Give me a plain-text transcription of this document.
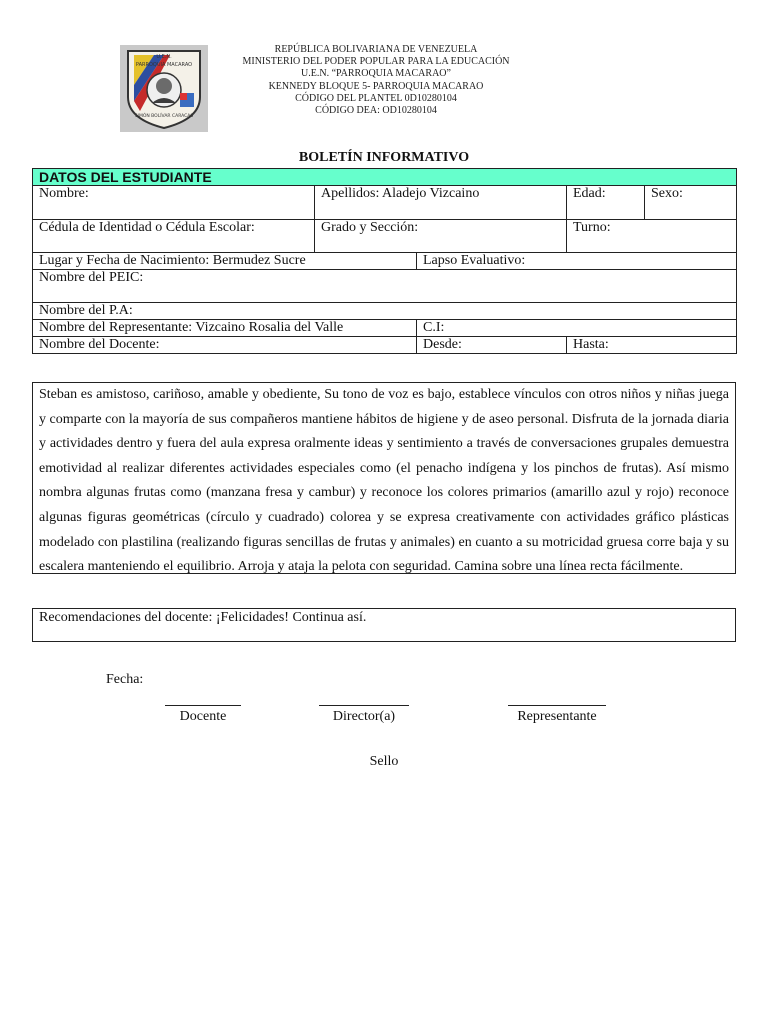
U.E.N.
PARROQUIA MACARAO
SIMÓN BOLÍVAR CARACAS
REPÚBLICA BOLIVARIANA DE VENEZUELA
MINISTERIO DEL PODER POPULAR PARA LA EDUCACIÓN
U.E.N. “PARROQUIA MACARAO”
KENNEDY BLOQUE 5- PARROQUIA MACARAO
CÓDIGO DEL PLANTEL 0D10280104
CÓDIGO DEA: OD10280104
BOLETÍN INFORMATIVO
DATOS DEL ESTUDIANTE				
Nombre:	Apellidos: Aladejo Vizcaino		Edad:	Sexo:
Cédula de Identidad o Cédula Escolar:	Grado y Sección:		Turno:	
Lugar y Fecha de Nacimiento: Bermudez Sucre		Lapso Evaluativo:		
Nombre del PEIC:				
Nombre del P.A:				
Nombre del Representante: Vizcaino Rosalia del Valle		C.I:		
Nombre del Docente:		Desde:	Hasta:	
Steban es amistoso, cariñoso, amable y obediente, Su tono de voz es bajo, establece vínculos con otros niños y niñas juega y comparte con la mayoría de sus compañeros mantiene hábitos de higiene y de aseo personal. Disfruta de la jornada diaria y actividades dentro y fuera del aula expresa oralmente ideas y sentimiento a través de conversaciones grupales demuestra emotividad al realizar diferentes actividades especiales como (el penacho indígena y los pinchos de frutas). Así mismo nombra algunas frutas como (manzana fresa y cambur) y reconoce los colores primarios (amarillo azul y rojo) reconoce algunas figuras geométricas (círculo y cuadrado) colorea y se expresa creativamente con actividades gráfico plásticas modelado con plastilina (realizando figuras sencillas de frutas y animales) en cuanto a su motricidad gruesa corre baja y su escalera manteniendo el equilibrio. Arroja y ataja la pelota con seguridad. Camina sobre una línea recta fácilmente.
Recomendaciones del docente: ¡Felicidades! Continua así.
Fecha:
Docente	Director(a)	Representante
Sello
